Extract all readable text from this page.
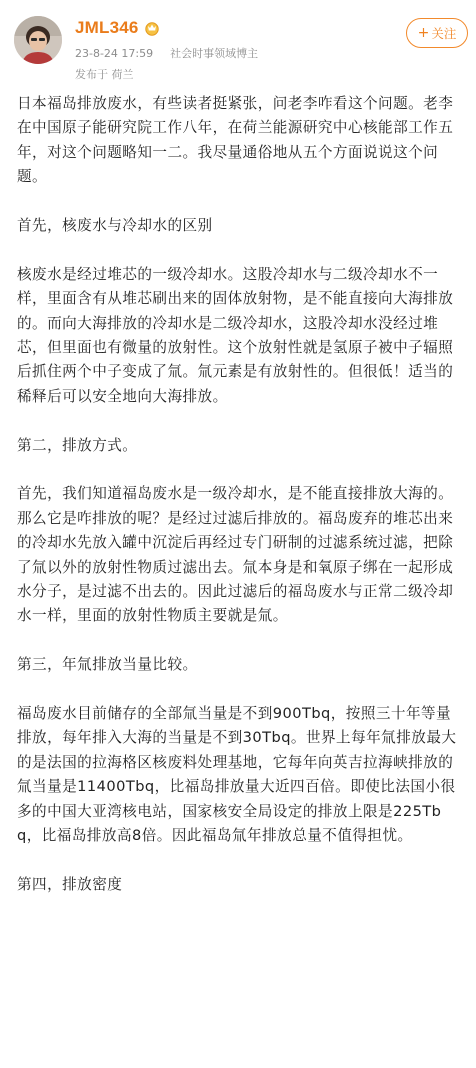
JML346
23-8-24 17:59 社会时事领域博主
发布于 荷兰
+ 关注

日本福岛排放废水，有些读者挺紧张，问老李咋看这个问题。老李在中国原子能研究院工作八年，在荷兰能源研究中心核能部工作五年，对这个问题略知一二。我尽量通俗地从五个方面说说这个问题。

首先，核废水与冷却水的区别

核废水是经过堆芯的一级冷却水。这股冷却水与二级冷却水不一样，里面含有从堆芯刷出来的固体放射物，是不能直接向大海排放的。而向大海排放的冷却水是二级冷却水，这股冷却水没经过堆芯，但里面也有微量的放射性。这个放射性就是氢原子被中子辐照后抓住两个中子变成了氚。氚元素是有放射性的。但很低！适当的稀释后可以安全地向大海排放。

第二，排放方式。

首先，我们知道福岛废水是一级冷却水，是不能直接排放大海的。那么它是咋排放的呢？是经过过滤后排放的。福岛废弃的堆芯出来的冷却水先放入罐中沉淀后再经过专门研制的过滤系统过滤，把除了氚以外的放射性物质过滤出去。氚本身是和氧原子绑在一起形成水分子，是过滤不出去的。因此过滤后的福岛废水与正常二级冷却水一样，里面的放射性物质主要就是氚。

第三，年氚排放当量比较。

福岛废水目前储存的全部氚当量是不到900Tbq，按照三十年等量排放，每年排入大海的当量是不到30Tbq。世界上每年氚排放最大的是法国的拉海格区核废料处理基地，它每年向英吉拉海峡排放的氚当量是11400Tbq，比福岛排放量大近四百倍。即使比法国小很多的中国大亚湾核电站，国家核安全局设定的排放上限是225Tbq，比福岛排放高8倍。因此福岛氚年排放总量不值得担忧。

第四，排放密度
